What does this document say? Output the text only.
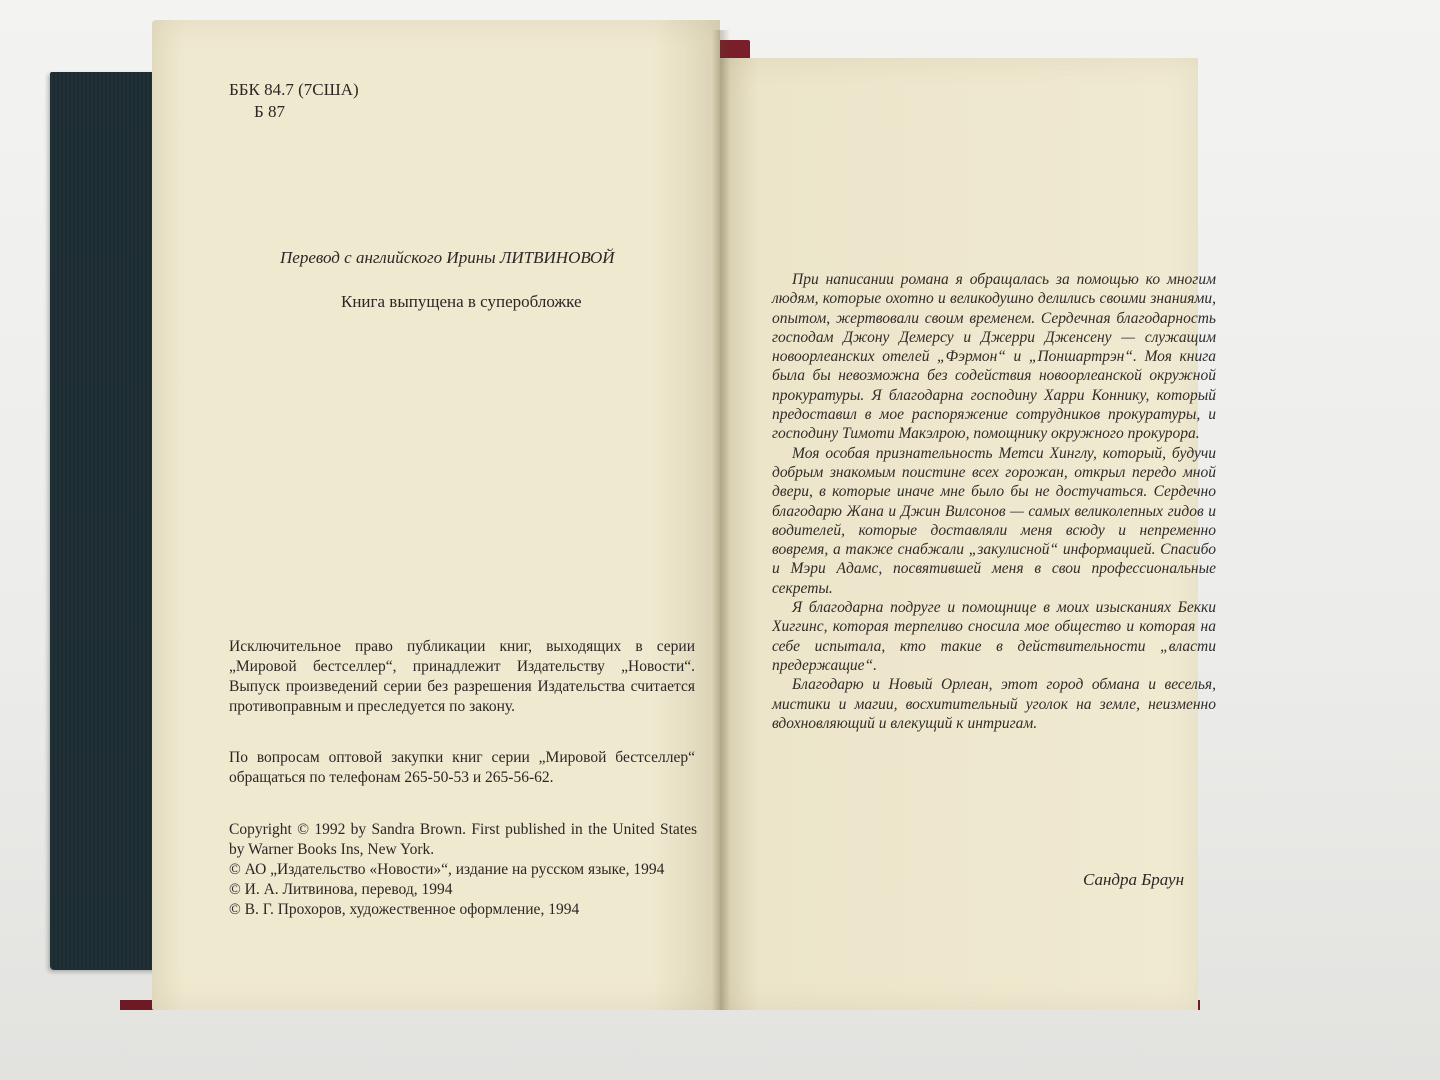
ББК 84.7 (7США)
Б 87
Перевод с английского Ирины ЛИТВИНОВОЙ
Книга выпущена в суперобложке
Исключительное право публикации книг, выходящих в серии „Мировой бестселлер“, принадлежит Издательству „Новости“. Выпуск произведений серии без разрешения Издательства считается противоправным и преследуется по закону.
По вопросам оптовой закупки книг серии „Мировой бестселлер“ обращаться по телефонам 265-50-53 и 265-56-62.
Copyright © 1992 by Sandra Brown. First published in the United States by Warner Books Ins, New York.
© АО „Издательство «Новости»“, издание на русском языке, 1994
© И. А. Литвинова, перевод, 1994
© В. Г. Прохоров, художественное оформление, 1994

При написании романа я обращалась за помощью ко многим людям, которые охотно и великодушно делились своими знаниями, опытом, жертвовали своим временем. Сердечная благодарность господам Джону Демерсу и Джерри Дженсену — служащим новоорлеанских отелей „Фэрмон“ и „Поншартрэн“. Моя книга была бы невозможна без содействия новоорлеанской окружной прокуратуры. Я благодарна господину Харри Конникy, который предоставил в мое распоряжение сотрудников прокуратуры, и господину Тимоти Макэлрою, помощнику окружного прокурора.

Моя особая признательность Метси Хинглу, который, будучи добрым знакомым поистине всех горожан, открыл передо мной двери, в которые иначе мне было бы не достучаться. Сердечно благодарю Жана и Джин Вилсонов — самых великолепных гидов и водителей, которые доставляли меня всюду и непременно вовремя, а также снабжали „закулисной“ информацией. Спасибо и Мэри Адамс, посвятившей меня в свои профессиональные секреты.

Я благодарна подруге и помощнице в моих изысканиях Бекки Хиггинс, которая терпеливо сносила мое общество и которая на себе испытала, кто такие в действительности „власти предержащие“.

Благодарю и Новый Орлеан, этот город обмана и веселья, мистики и магии, восхитительный уголок на земле, неизменно вдохновляющий и влекущий к интригам.

Сандра Браун
